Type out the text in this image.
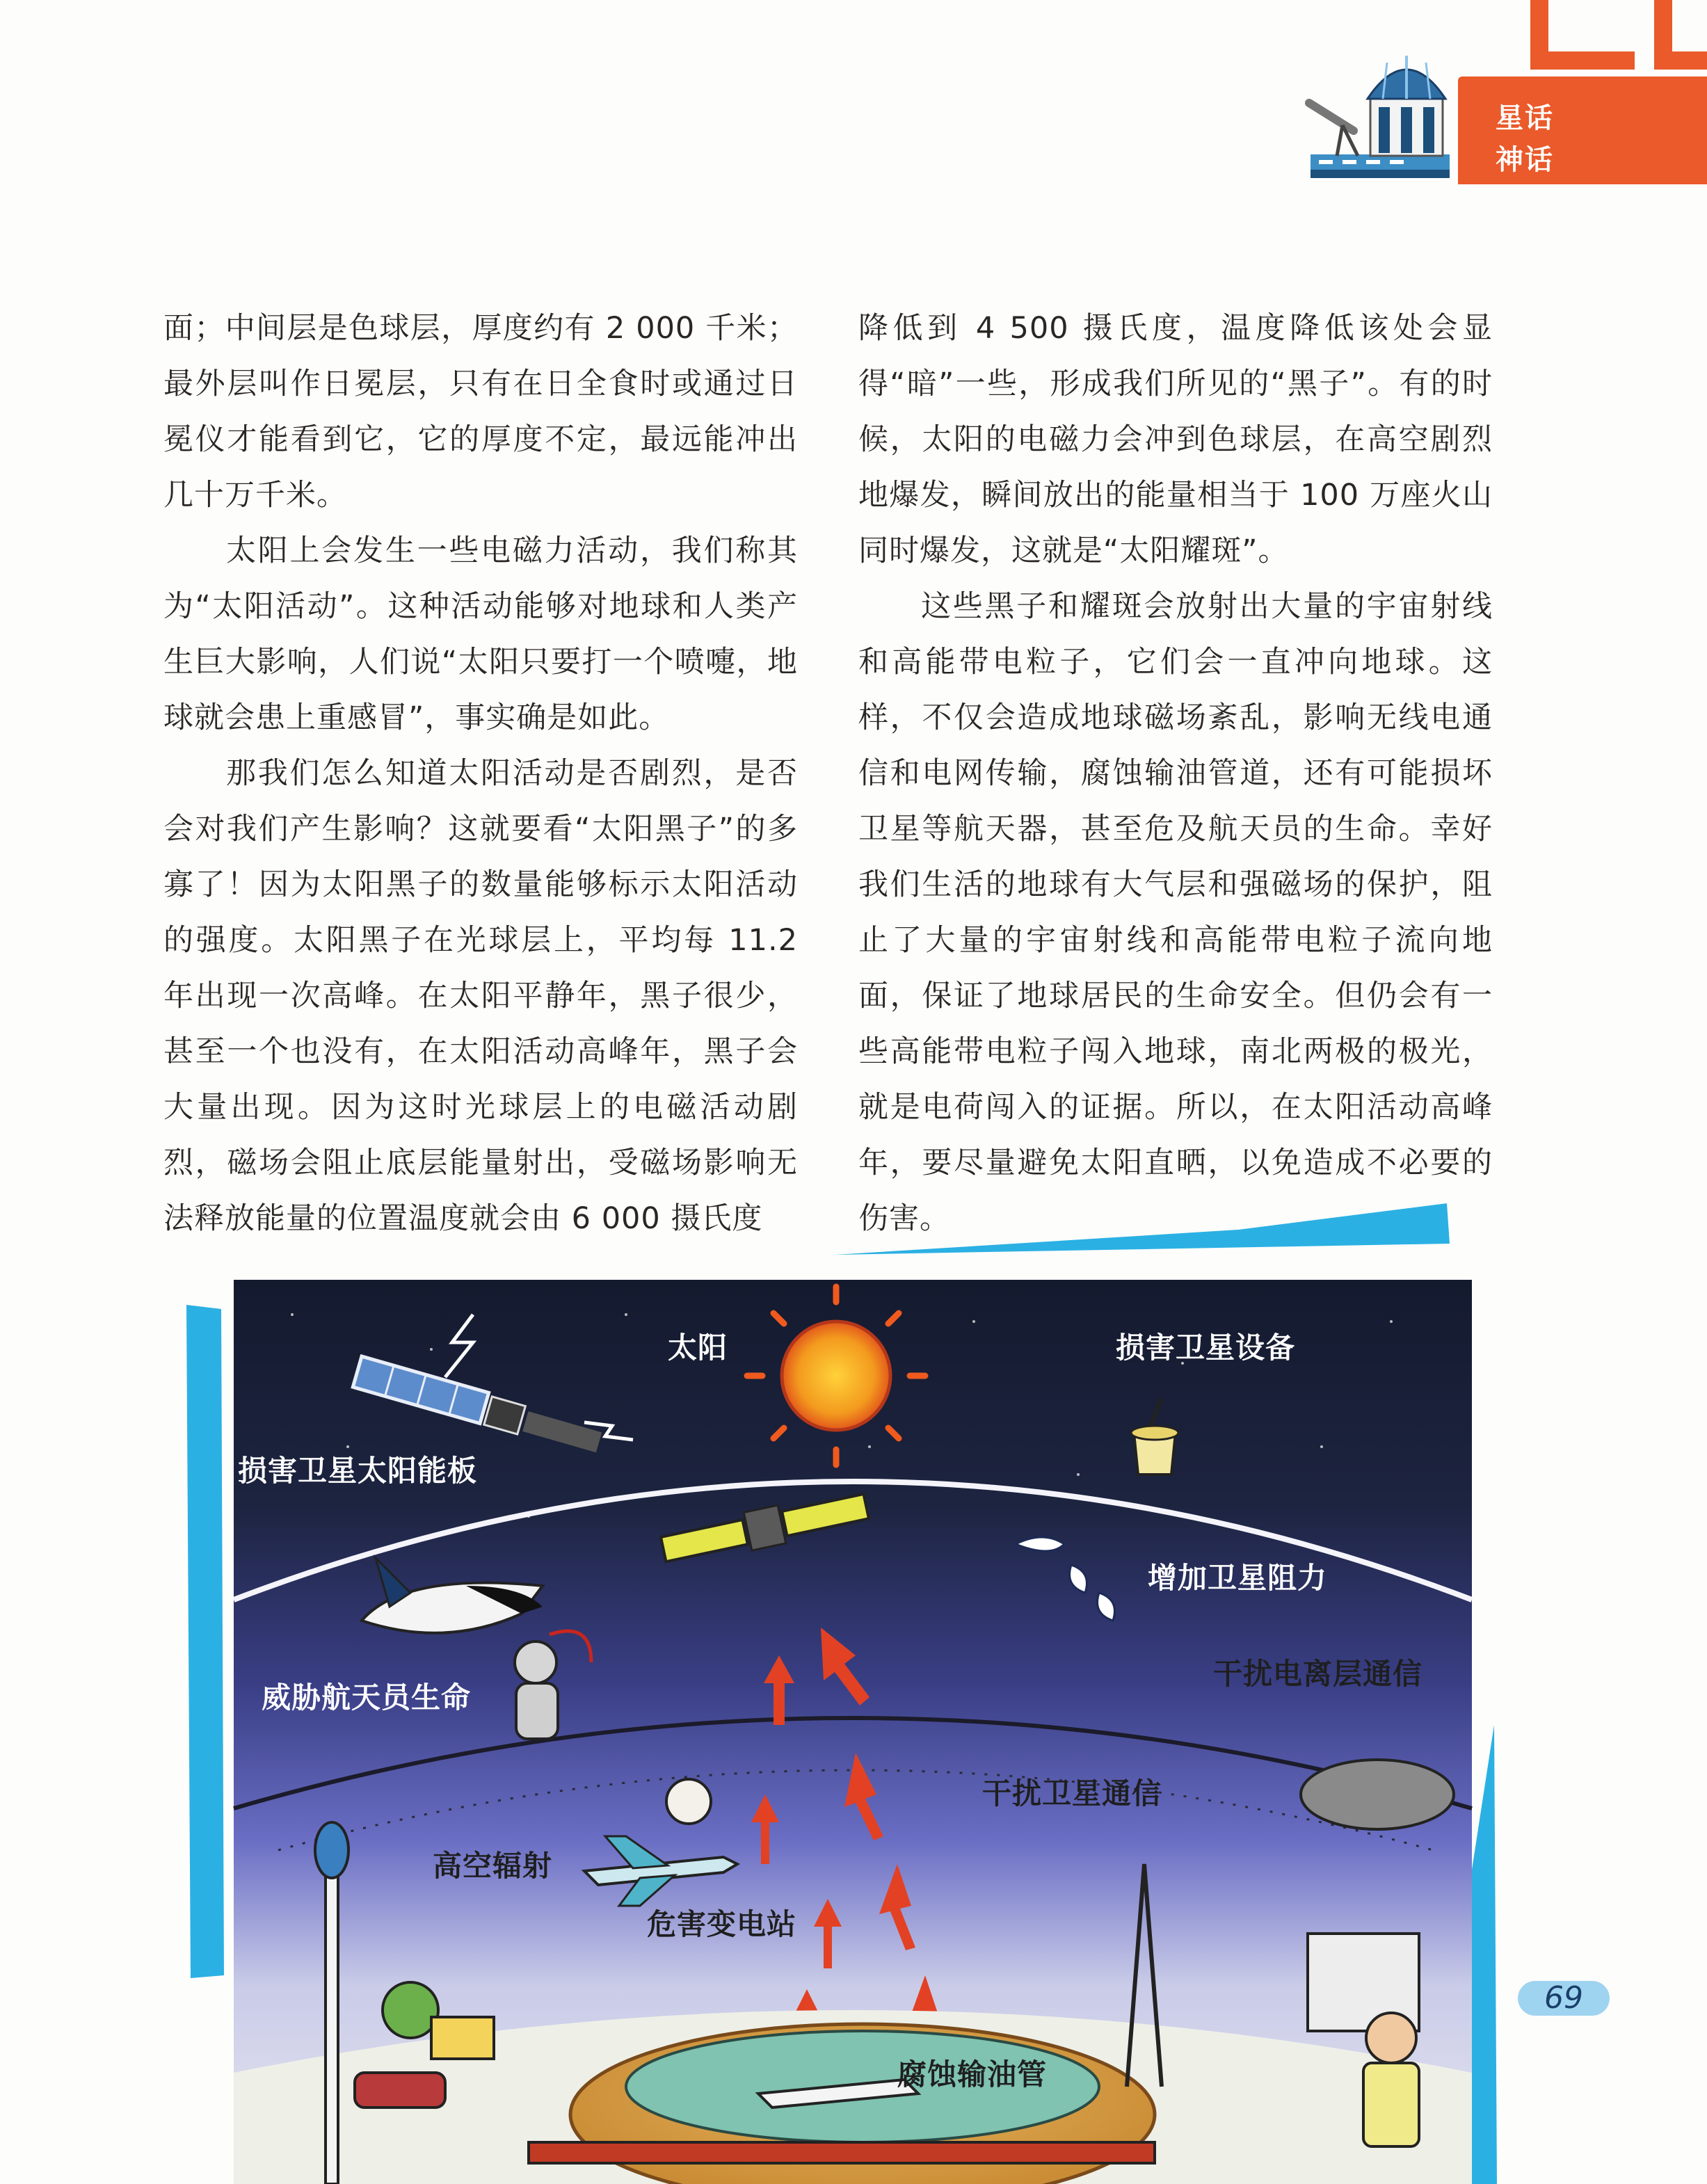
星话
神话

面；中间层是色球层，厚度约有 2 000 千米；最外层叫作日冕层，只有在日全食时或通过日冕仪才能看到它，它的厚度不定，最远能冲出几十万千米。

太阳上会发生一些电磁力活动，我们称其为“太阳活动”。这种活动能够对地球和人类产生巨大影响，人们说“太阳只要打一个喷嚏，地球就会患上重感冒”，事实确是如此。

那我们怎么知道太阳活动是否剧烈，是否会对我们产生影响？这就要看“太阳黑子”的多寡了！因为太阳黑子的数量能够标示太阳活动的强度。太阳黑子在光球层上，平均每 11.2 年出现一次高峰。在太阳平静年，黑子很少，甚至一个也没有，在太阳活动高峰年，黑子会大量出现。因为这时光球层上的电磁活动剧烈，磁场会阻止底层能量射出，受磁场影响无法释放能量的位置温度就会由 6 000 摄氏度

降低到 4 500 摄氏度，温度降低该处会显得“暗”一些，形成我们所见的“黑子”。有的时候，太阳的电磁力会冲到色球层，在高空剧烈地爆发，瞬间放出的能量相当于 100 万座火山同时爆发，这就是“太阳耀斑”。

这些黑子和耀斑会放射出大量的宇宙射线和高能带电粒子，它们会一直冲向地球。这样，不仅会造成地球磁场紊乱，影响无线电通信和电网传输，腐蚀输油管道，还有可能损坏卫星等航天器，甚至危及航天员的生命。幸好我们生活的地球有大气层和强磁场的保护，阻止了大量的宇宙射线和高能带电粒子流向地面，保证了地球居民的生命安全。但仍会有一些高能带电粒子闯入地球，南北两极的极光，就是电荷闯入的证据。所以，在太阳活动高峰年，要尽量避免太阳直晒，以免造成不必要的伤害。

太阳	损害卫星设备
损害卫星太阳能板
增加卫星阻力
威胁航天员生命
干扰电离层通信
干扰卫星通信
高空辐射
危害变电站
腐蚀输油管
69
